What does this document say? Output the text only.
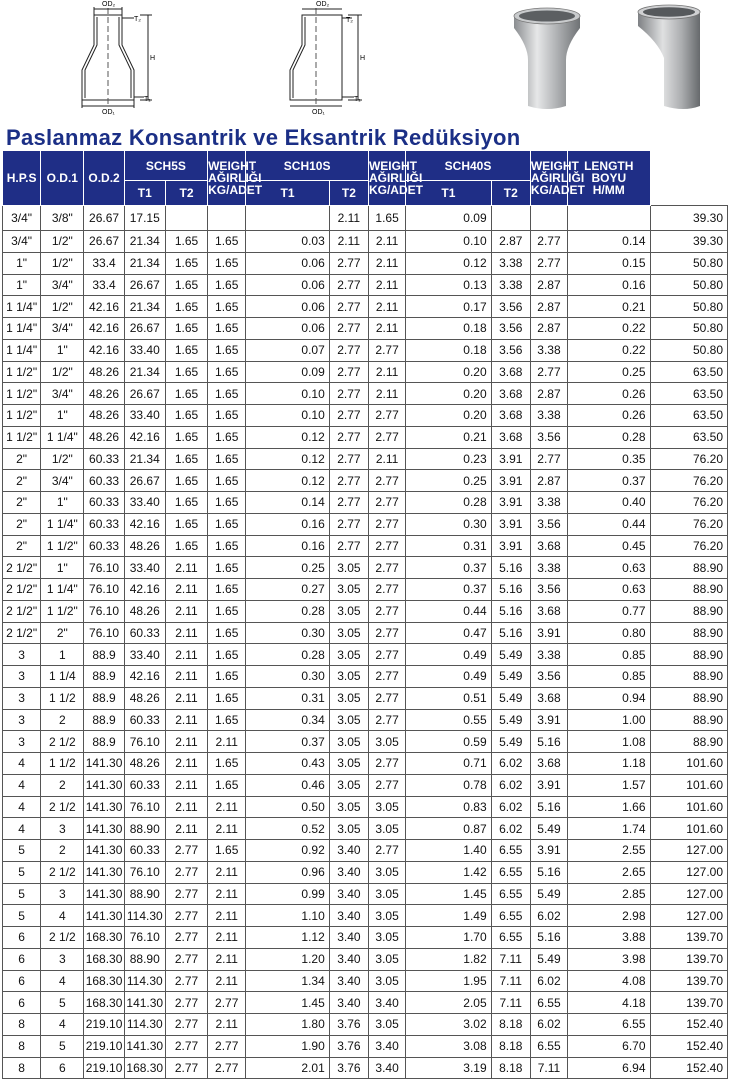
OD₂
OD₁
T₂
T₁
H
OD₂
OD₁
T₂
T₁
H
Paslanmaz Konsantrik ve Eksantrik Redüksiyon
H.P.S	O.D.1	O.D.2	SCH5S		WEIGHT
AĞIRLIĞI
KG/ADET	SCH10S		WEIGHT
AĞIRLIĞI
KG/ADET	SCH40S		WEIGHT
AĞIRLIĞI
KG/ADET	LENGTH
BOYU
H/MM	
			T1	T2		T1	T2		T1	T2			
3/4"	3/8"	26.67	17.15				2.11	1.65	0.09				39.30
3/4"	1/2"	26.67	21.34	1.65	1.65	0.03	2.11	2.11	0.10	2.87	2.77	0.14	39.30
1"	1/2"	33.4	21.34	1.65	1.65	0.06	2.77	2.11	0.12	3.38	2.77	0.15	50.80
1"	3/4"	33.4	26.67	1.65	1.65	0.06	2.77	2.11	0.13	3.38	2.87	0.16	50.80
1 1/4"	1/2"	42.16	21.34	1.65	1.65	0.06	2.77	2.11	0.17	3.56	2.87	0.21	50.80
1 1/4"	3/4"	42.16	26.67	1.65	1.65	0.06	2.77	2.11	0.18	3.56	2.87	0.22	50.80
1 1/4"	1"	42.16	33.40	1.65	1.65	0.07	2.77	2.77	0.18	3.56	3.38	0.22	50.80
1 1/2"	1/2"	48.26	21.34	1.65	1.65	0.09	2.77	2.11	0.20	3.68	2.77	0.25	63.50
1 1/2"	3/4"	48.26	26.67	1.65	1.65	0.10	2.77	2.11	0.20	3.68	2.87	0.26	63.50
1 1/2"	1"	48.26	33.40	1.65	1.65	0.10	2.77	2.77	0.20	3.68	3.38	0.26	63.50
1 1/2"	1 1/4"	48.26	42.16	1.65	1.65	0.12	2.77	2.77	0.21	3.68	3.56	0.28	63.50
2"	1/2"	60.33	21.34	1.65	1.65	0.12	2.77	2.11	0.23	3.91	2.77	0.35	76.20
2"	3/4"	60.33	26.67	1.65	1.65	0.12	2.77	2.77	0.25	3.91	2.87	0.37	76.20
2"	1"	60.33	33.40	1.65	1.65	0.14	2.77	2.77	0.28	3.91	3.38	0.40	76.20
2"	1 1/4"	60.33	42.16	1.65	1.65	0.16	2.77	2.77	0.30	3.91	3.56	0.44	76.20
2"	1 1/2"	60.33	48.26	1.65	1.65	0.16	2.77	2.77	0.31	3.91	3.68	0.45	76.20
2 1/2"	1"	76.10	33.40	2.11	1.65	0.25	3.05	2.77	0.37	5.16	3.38	0.63	88.90
2 1/2"	1 1/4"	76.10	42.16	2.11	1.65	0.27	3.05	2.77	0.37	5.16	3.56	0.63	88.90
2 1/2"	1 1/2"	76.10	48.26	2.11	1.65	0.28	3.05	2.77	0.44	5.16	3.68	0.77	88.90
2 1/2"	2"	76.10	60.33	2.11	1.65	0.30	3.05	2.77	0.47	5.16	3.91	0.80	88.90
3	1	88.9	33.40	2.11	1.65	0.28	3.05	2.77	0.49	5.49	3.38	0.85	88.90
3	1 1/4	88.9	42.16	2.11	1.65	0.30	3.05	2.77	0.49	5.49	3.56	0.85	88.90
3	1 1/2	88.9	48.26	2.11	1.65	0.31	3.05	2.77	0.51	5.49	3.68	0.94	88.90
3	2	88.9	60.33	2.11	1.65	0.34	3.05	2.77	0.55	5.49	3.91	1.00	88.90
3	2 1/2	88.9	76.10	2.11	2.11	0.37	3.05	3.05	0.59	5.49	5.16	1.08	88.90
4	1 1/2	141.30	48.26	2.11	1.65	0.43	3.05	2.77	0.71	6.02	3.68	1.18	101.60
4	2	141.30	60.33	2.11	1.65	0.46	3.05	2.77	0.78	6.02	3.91	1.57	101.60
4	2 1/2	141.30	76.10	2.11	2.11	0.50	3.05	3.05	0.83	6.02	5.16	1.66	101.60
4	3	141.30	88.90	2.11	2.11	0.52	3.05	3.05	0.87	6.02	5.49	1.74	101.60
5	2	141.30	60.33	2.77	1.65	0.92	3.40	2.77	1.40	6.55	3.91	2.55	127.00
5	2 1/2	141.30	76.10	2.77	2.11	0.96	3.40	3.05	1.42	6.55	5.16	2.65	127.00
5	3	141.30	88.90	2.77	2.11	0.99	3.40	3.05	1.45	6.55	5.49	2.85	127.00
5	4	141.30	114.30	2.77	2.11	1.10	3.40	3.05	1.49	6.55	6.02	2.98	127.00
6	2 1/2	168.30	76.10	2.77	2.11	1.12	3.40	3.05	1.70	6.55	5.16	3.88	139.70
6	3	168.30	88.90	2.77	2.11	1.20	3.40	3.05	1.82	7.11	5.49	3.98	139.70
6	4	168.30	114.30	2.77	2.11	1.34	3.40	3.05	1.95	7.11	6.02	4.08	139.70
6	5	168.30	141.30	2.77	2.77	1.45	3.40	3.40	2.05	7.11	6.55	4.18	139.70
8	4	219.10	114.30	2.77	2.11	1.80	3.76	3.05	3.02	8.18	6.02	6.55	152.40
8	5	219.10	141.30	2.77	2.77	1.90	3.76	3.40	3.08	8.18	6.55	6.70	152.40
8	6	219.10	168.30	2.77	2.77	2.01	3.76	3.40	3.19	8.18	7.11	6.94	152.40
